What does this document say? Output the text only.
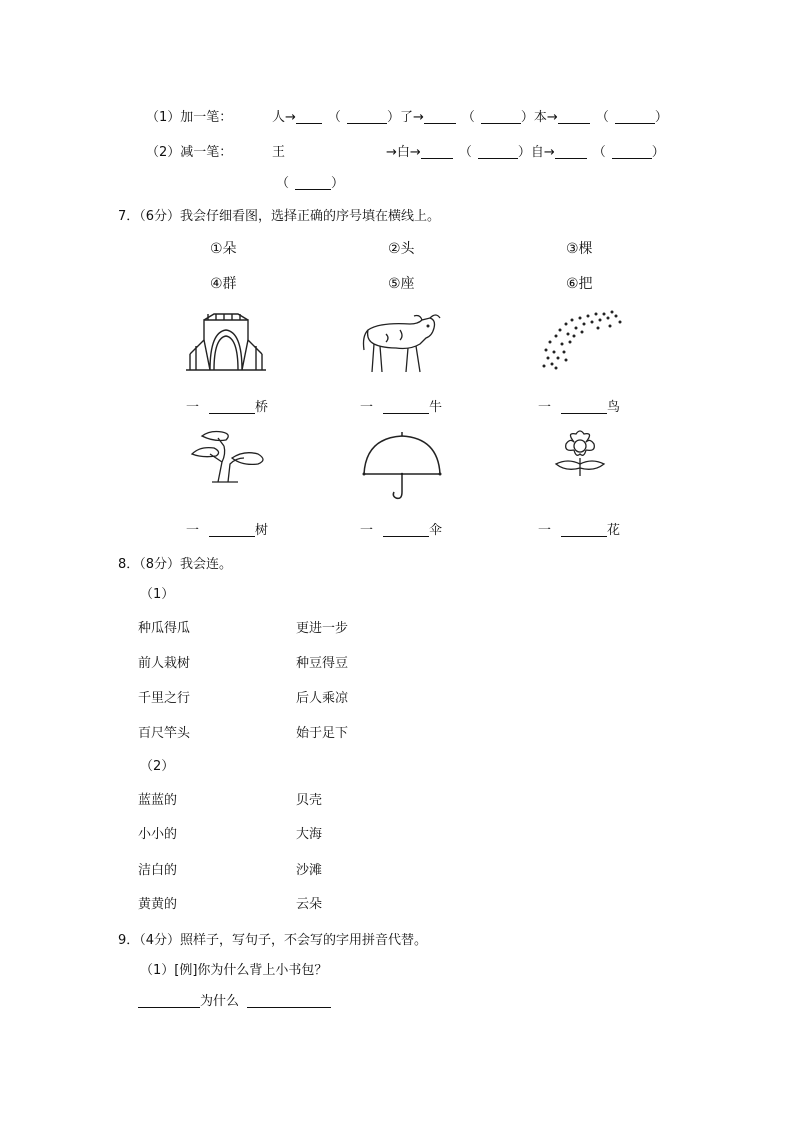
（1）加一笔：	人→ （	）了→	（	）本→	（	）
（2）减一笔：	王	→白→	（	）自→	（	）
（	）
7．（6分）我会仔细看图，选择正确的序号填在横线上。
①朵	②头	③棵
④群	⑤座	⑥把
一	桥	一	牛	一	鸟
一	树	一	伞	一	花
8．（8分）我会连。
（1）
种瓜得瓜	更进一步
前人栽树	种豆得豆
千里之行	后人乘凉
百尺竿头	始于足下
（2）
蓝蓝的	贝壳
小小的	大海
洁白的	沙滩
黄黄的	云朵
9．（4分）照样子，写句子，不会写的字用拼音代替。
（1）[例]你为什么背上小书包？
为什么
